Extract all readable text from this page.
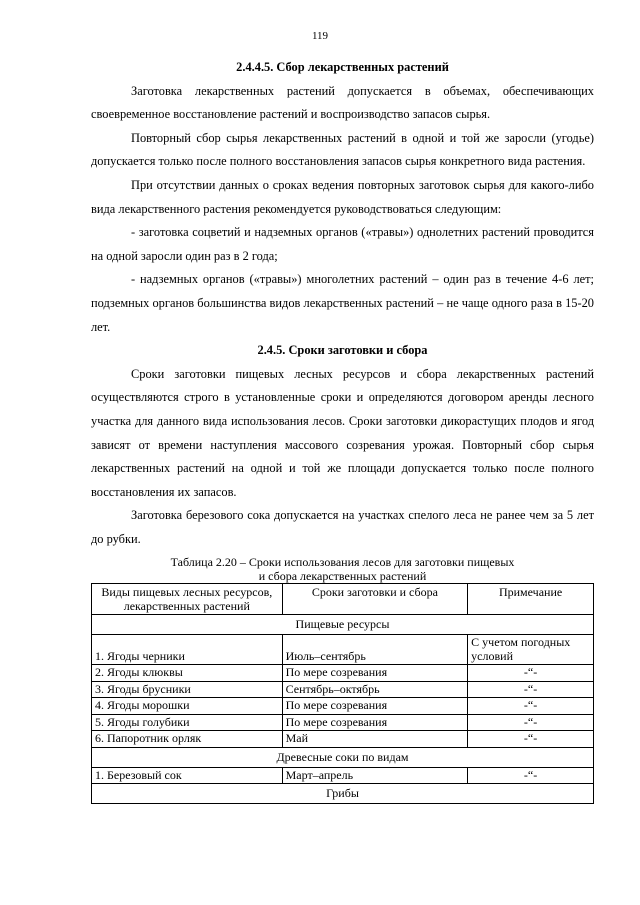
119
2.4.4.5. Сбор лекарственных растений

Заготовка лекарственных растений допускается в объемах, обеспечивающих своевременное восстановление растений и воспроизводство запасов сырья.

Повторный сбор сырья лекарственных растений в одной и той же заросли (угодье) допускается только после полного восстановления запасов сырья конкретного вида растения.

При отсутствии данных о сроках ведения повторных заготовок сырья для какого-либо вида лекарственного растения рекомендуется руководствоваться следующим:

- заготовка соцветий и надземных органов («травы») однолетних растений проводится на одной заросли один раз в 2 года;

- надземных органов («травы») многолетних растений – один раз в течение 4-6 лет; подземных органов большинства видов лекарственных растений – не чаще одного раза в 15-20 лет.

2.4.5. Сроки заготовки и сбора

Сроки заготовки пищевых лесных ресурсов и сбора лекарственных растений осуществляются строго в установленные сроки и определяются договором аренды лесного участка для данного вида использования лесов. Сроки заготовки дикорастущих плодов и ягод зависят от времени наступления массового созревания урожая. Повторный сбор сырья лекарственных растений на одной и той же площади допускается только после полного восстановления их запасов.

Заготовка березового сока допускается на участках спелого леса не ранее чем за 5 лет до рубки.

Таблица 2.20 – Сроки использования лесов для заготовки пищевых
и сбора лекарственных растений
Виды пищевых лесных ресурсов, лекарственных растений	Сроки заготовки и сбора	Примечание
Пищевые ресурсы		
1. Ягоды черники	Июль–сентябрь	С учетом погодных условий
2. Ягоды клюквы	По мере созревания	-“-
3. Ягоды брусники	Сентябрь–октябрь	-“-
4. Ягоды морошки	По мере созревания	-“-
5. Ягоды голубики	По мере созревания	-“-
6. Папоротник орляк	Май	-“-
Древесные соки по видам		
1. Березовый сок	Март–апрель	-“-
Грибы		
